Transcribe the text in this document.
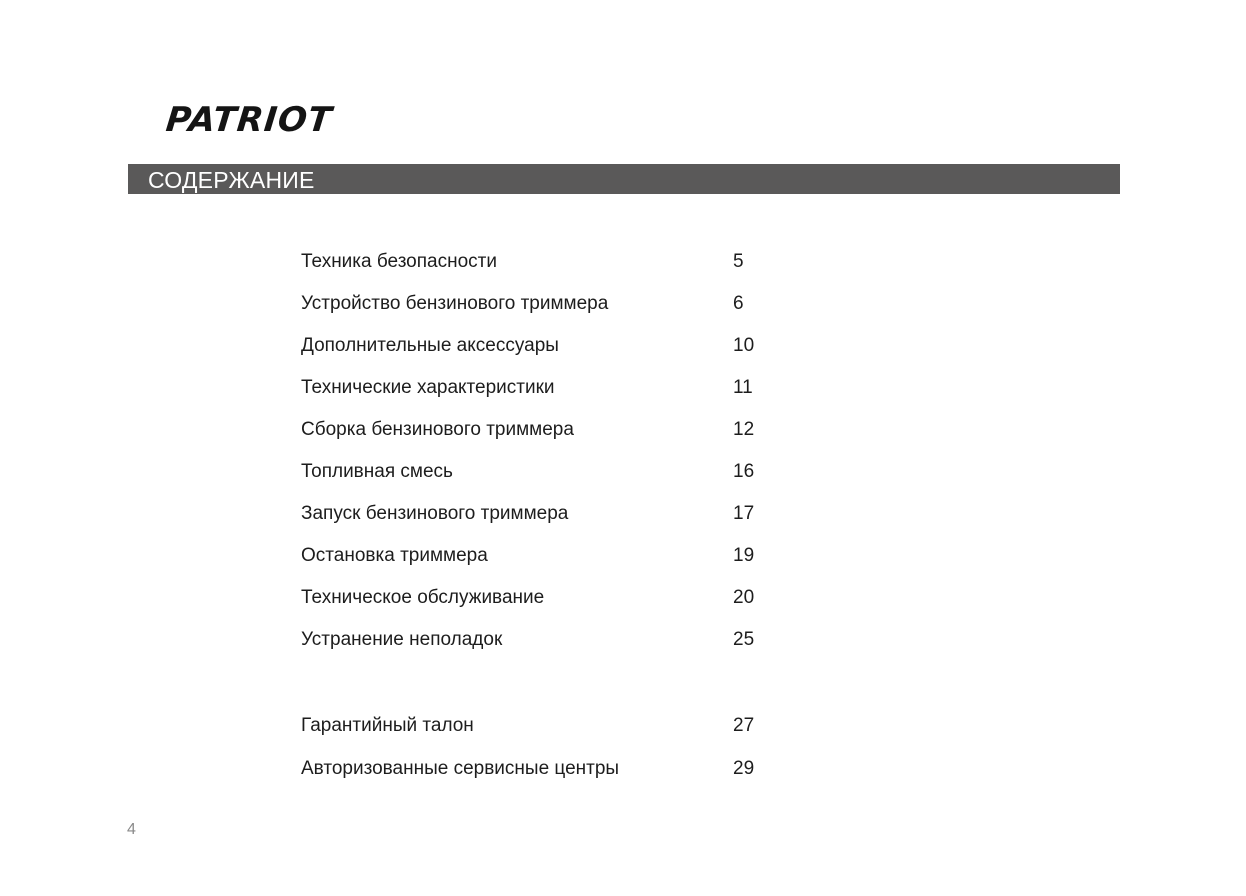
PATRIOT
СОДЕРЖАНИЕ
Техника безопасности	5
Устройство бензинового триммера	6
Дополнительные аксессуары	10
Технические характеристики	11
Сборка бензинового триммера	12
Топливная смесь	16
Запуск бензинового триммера	17
Остановка триммера	19
Техническое обслуживание	20
Устранение неполадок	25
Гарантийный талон	27
Авторизованные сервисные центры	29
4
